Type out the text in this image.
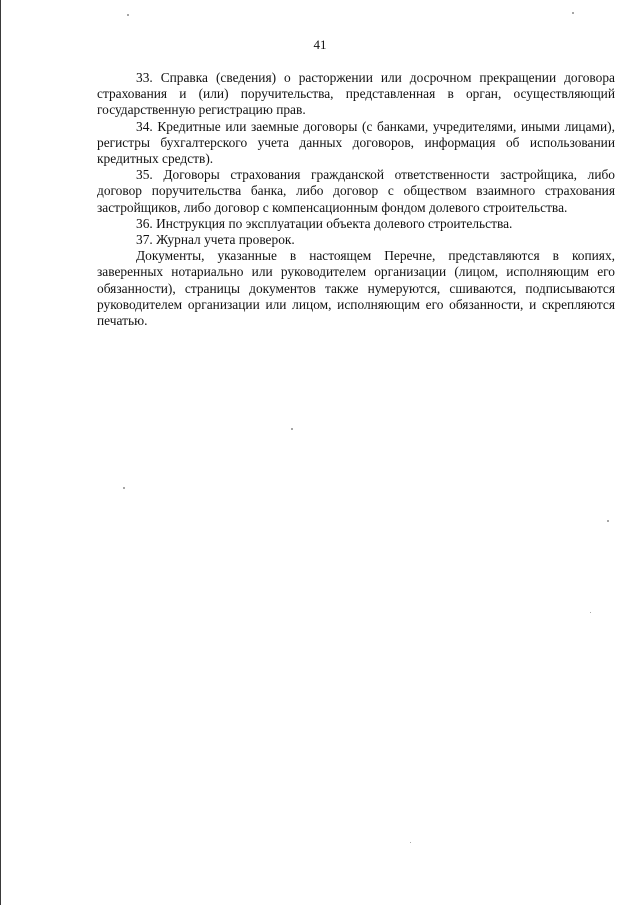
41

33. Справка (сведения) о расторжении или досрочном прекращении договора страхования и (или) поручительства, представленная в орган, осуществляющий государственную регистрацию прав.

34. Кредитные или заемные договоры (с банками, учредителями, иными лицами), регистры бухгалтерского учета данных договоров, информация об использовании кредитных средств).

35. Договоры страхования гражданской ответственности застройщика, либо договор поручительства банка, либо договор с обществом взаимного страхования застройщиков, либо договор с компенсационным фондом долевого строительства.

36. Инструкция по эксплуатации объекта долевого строительства.

37. Журнал учета проверок.

Документы, указанные в настоящем Перечне, представляются в копиях, заверенных нотариально или руководителем организации (лицом, исполняющим его обязанности), страницы документов также нумеруются, сшиваются, подписываются руководителем организации или лицом, исполняющим его обязанности, и скрепляются печатью.
